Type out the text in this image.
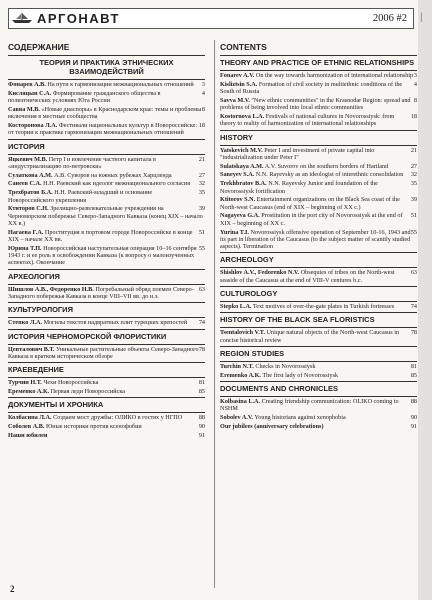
АРГОНАВТ	2006 #2 |
СОДЕРЖАНИЕ
ТЕОРИЯ И ПРАКТИКА ЭТНИЧЕСКИХ ВЗАИМОДЕЙСТВИЙ
3
Фонарев А.В. На пути к гармонизации межнациональных отношений
4
Кисляцын С.А. Формирование гражданского общества в полиэтнических условиях Юга России
8
Савва М.В. «Новые диаспоры» в Краснодарском крае: темы и проблемы включения в местные сообщества
18
Косторонова Л.А. Фестивали национальных культур в Новороссийске: от теории к практике гармонизации межнациональных отношений
ИСТОРИЯ
21
Яцкевич М.В. Петр I и вовлечение частного капитала в «индустриализацию по-петровски»
27
Сулаткова А.М. А.В. Суворов на южных рубежах Харцленда
32
Санеев С.А. Н.Н. Раевский как идеолог межнационального согласия
35
Трехбратов Б.А. Н.Н. Раевский-младший и основание Новороссийского укрепления
39
Ктиторов С.Н. Зрелищно-развлекательные учреждения на Черноморском побережье Северо-Западного Кавказа (конец XIX – начало XX в.)
51
Нагаева Г.А. Проституция в портовом городе Новороссийске в конце XIX – начале XX вв.
55
Юрина Т.П. Новороссийская наступательная операция 10–16 сентября 1943 г. и ее роль в освобождении Кавказа (к вопросу о малоизученных аспектах). Окончание
АРХЕОЛОГИЯ
63
Шишлов А.В., Федоренко Н.В. Погребальный обряд племен Северо-Западного побережья Кавказа в конце VIII–VII вв. до н.э.
КУЛЬТУРОЛОГИЯ
74
Степко Л.А. Могилы текстов надвратных плит турецких крепостей
ИСТОРИЯ ЧЕРНОМОРСКОЙ ФЛОРИСТИКИ
78
Цепталович В.Т. Уникальные растительные объекты Северо-Западного Кавказа в кратком историческом обзоре
КРАЕВЕДЕНИЕ
81
Турчин Н.Т. Чехи Новороссийска
85
Еременко А.К. Первая леди Новороссийска
ДОКУМЕНТЫ И ХРОНИКА
88
Колбасина Л.А. Создаем мост дружбы: ОЛИКО в гостях у НГПО
90
Соболев А.В. Юные историки против ксенофобии
91
Наши юбилеи
CONTENTS
THEORY AND PRACTICE OF ETHNIC RELATIONSHIPS
3
Fonarev A.V. On the way towards harmonization of international relationship
4
Kisliztsin S.A. Formation of civil society in multiethnic conditions of the South of Russia
8
Savva M.V. "New ethnic communities" in the Krasnodar Region: spread and problems of being involved into local ethnic communities
18
Kostornova L.A. Festivals of national cultures in Novorossiysk: from theory to reality of harmonization of international relationships
HISTORY
21
Yatskevich M.V. Peter I and investment of private capital into "industrialization under Peter I"
27
Sulatskaya A.M. A.V. Suvorov on the southern borders of Hartland
32
Saneyev S.A. N.N. Rayevsky as an ideologist of interethnic consolidation
35
Trekhbratov B.A. N.N. Rayevsky Junior and foundation of the Novorossiysk fortification
39
Ktitorov S.N. Entertainment organizations on the Black Sea coast of the North-west Caucasus (end of XIX – beginning of XX c.)
51
Nagayeva G.A. Prostitution in the port city of Novorossiysk at the end of XIX – beginning of XX c.
55
Yurina T.I. Novorossiysk offensive operation of September 10-16, 1943 and its part in liberation of the Caucasus (to the subject matter of scantily studied aspects). Termination
ARCHEOLOGY
63
Shishlov A.V., Fedorenko N.V. Obsequies of tribes on the North-west seaside of the Caucasus at the end of VIII-V centures b.c.
CULTUROLOGY
74
Stepko L.A. Text motives of over-the-gate plates in Turkish fortresses
HISTORY OF THE BLACK SEA FLORISTICS
78
Tsentalovich V.T. Unique natural objects of the North-west Caucasus in concise historical review
REGION STUDIES
81
Turchin N.T. Checks in Novorossiysk
85
Eremenko A.K. The first lady of Novorossiysk
DOCUMENTS AND CHRONICLES
88
Kolbasina L.A. Creating friendship communication: OLIKO coming to NSHM
90
Sobolev A.V. Young historians against xenophobia
91
Our jubilees (anniversary celebrations)
2
